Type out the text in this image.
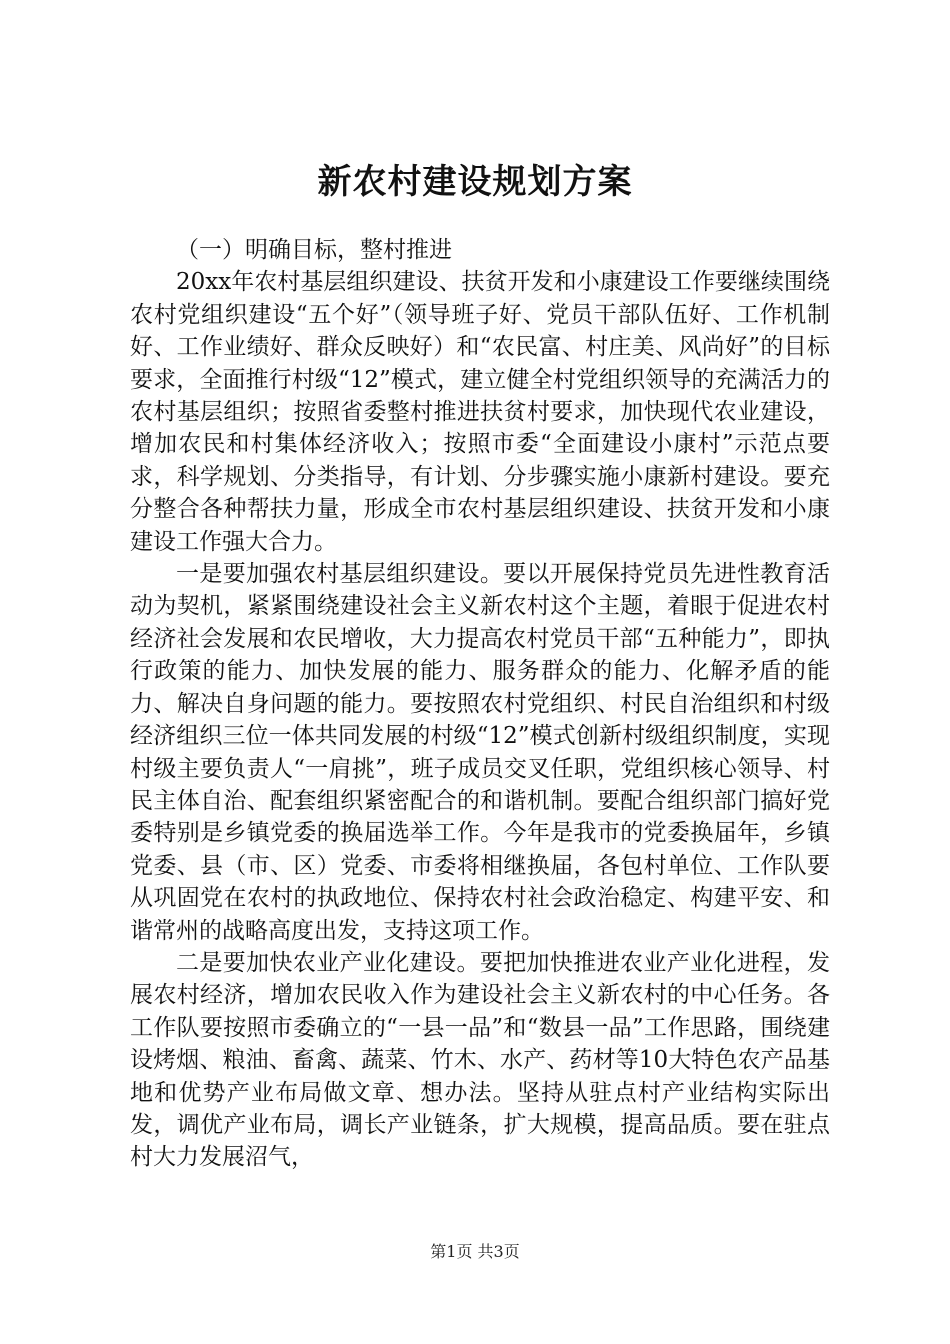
新农村建设规划方案

（一）明确目标，整村推进

20xx年农村基层组织建设、扶贫开发和小康建设工作要继续围绕农村党组织建设“五个好”（领导班子好、党员干部队伍好、工作机制好、工作业绩好、群众反映好）和“农民富、村庄美、风尚好”的目标要求，全面推行村级“12”模式，建立健全村党组织领导的充满活力的农村基层组织；按照省委整村推进扶贫村要求，加快现代农业建设，增加农民和村集体经济收入；按照市委“全面建设小康村”示范点要求，科学规划、分类指导，有计划、分步骤实施小康新村建设。要充分整合各种帮扶力量，形成全市农村基层组织建设、扶贫开发和小康建设工作强大合力。

一是要加强农村基层组织建设。要以开展保持党员先进性教育活动为契机，紧紧围绕建设社会主义新农村这个主题，着眼于促进农村经济社会发展和农民增收，大力提高农村党员干部“五种能力”，即执行政策的能力、加快发展的能力、服务群众的能力、化解矛盾的能力、解决自身问题的能力。要按照农村党组织、村民自治组织和村级经济组织三位一体共同发展的村级“12”模式创新村级组织制度，实现村级主要负责人“一肩挑”，班子成员交叉任职，党组织核心领导、村民主体自治、配套组织紧密配合的和谐机制。要配合组织部门搞好党委特别是乡镇党委的换届选举工作。今年是我市的党委换届年，乡镇党委、县（市、区）党委、市委将相继换届，各包村单位、工作队要从巩固党在农村的执政地位、保持农村社会政治稳定、构建平安、和谐常州的战略高度出发，支持这项工作。

二是要加快农业产业化建设。要把加快推进农业产业化进程，发展农村经济，增加农民收入作为建设社会主义新农村的中心任务。各工作队要按照市委确立的“一县一品”和“数县一品”工作思路，围绕建设烤烟、粮油、畜禽、蔬菜、竹木、水产、药材等10大特色农产品基地和优势产业布局做文章、想办法。坚持从驻点村产业结构实际出发，调优产业布局，调长产业链条，扩大规模，提高品质。要在驻点村大力发展沼气，

第1页 共3页
